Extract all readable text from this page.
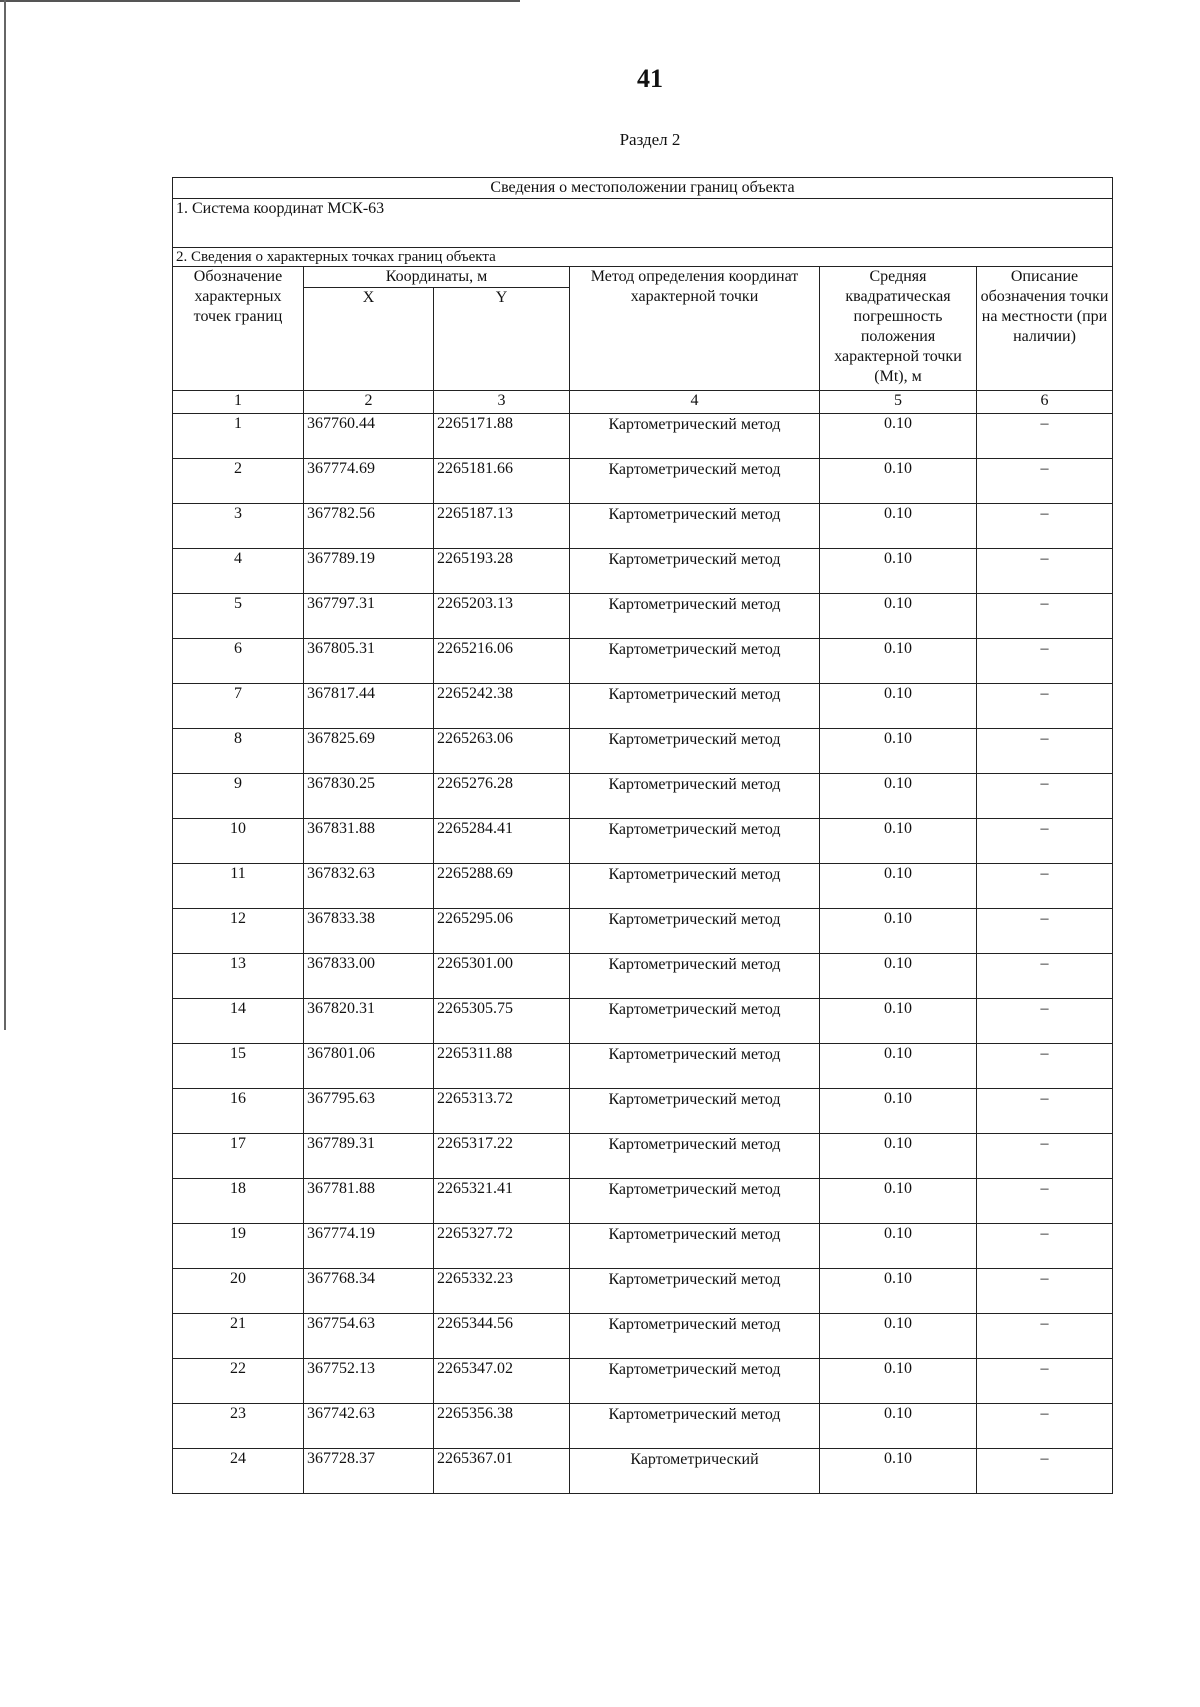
41
Раздел 2
Сведения о местоположении границ объекта					
1. Система координат МСК-63					
2. Сведения о характерных точках границ объекта					
Обозначение характерных точек границ	Координаты, м		Метод определения координат характерной точки	Средняя квадратическая погрешность положения характерной точки (Mt), м	Описание обозначения точки на местности (при наличии)
	X	Y			
1	2	3	4	5	6
1	367760.44	2265171.88	Картометрический метод	0.10	–
2	367774.69	2265181.66	Картометрический метод	0.10	–
3	367782.56	2265187.13	Картометрический метод	0.10	–
4	367789.19	2265193.28	Картометрический метод	0.10	–
5	367797.31	2265203.13	Картометрический метод	0.10	–
6	367805.31	2265216.06	Картометрический метод	0.10	–
7	367817.44	2265242.38	Картометрический метод	0.10	–
8	367825.69	2265263.06	Картометрический метод	0.10	–
9	367830.25	2265276.28	Картометрический метод	0.10	–
10	367831.88	2265284.41	Картометрический метод	0.10	–
11	367832.63	2265288.69	Картометрический метод	0.10	–
12	367833.38	2265295.06	Картометрический метод	0.10	–
13	367833.00	2265301.00	Картометрический метод	0.10	–
14	367820.31	2265305.75	Картометрический метод	0.10	–
15	367801.06	2265311.88	Картометрический метод	0.10	–
16	367795.63	2265313.72	Картометрический метод	0.10	–
17	367789.31	2265317.22	Картометрический метод	0.10	–
18	367781.88	2265321.41	Картометрический метод	0.10	–
19	367774.19	2265327.72	Картометрический метод	0.10	–
20	367768.34	2265332.23	Картометрический метод	0.10	–
21	367754.63	2265344.56	Картометрический метод	0.10	–
22	367752.13	2265347.02	Картометрический метод	0.10	–
23	367742.63	2265356.38	Картометрический метод	0.10	–
24	367728.37	2265367.01	Картометрический	0.10	–
